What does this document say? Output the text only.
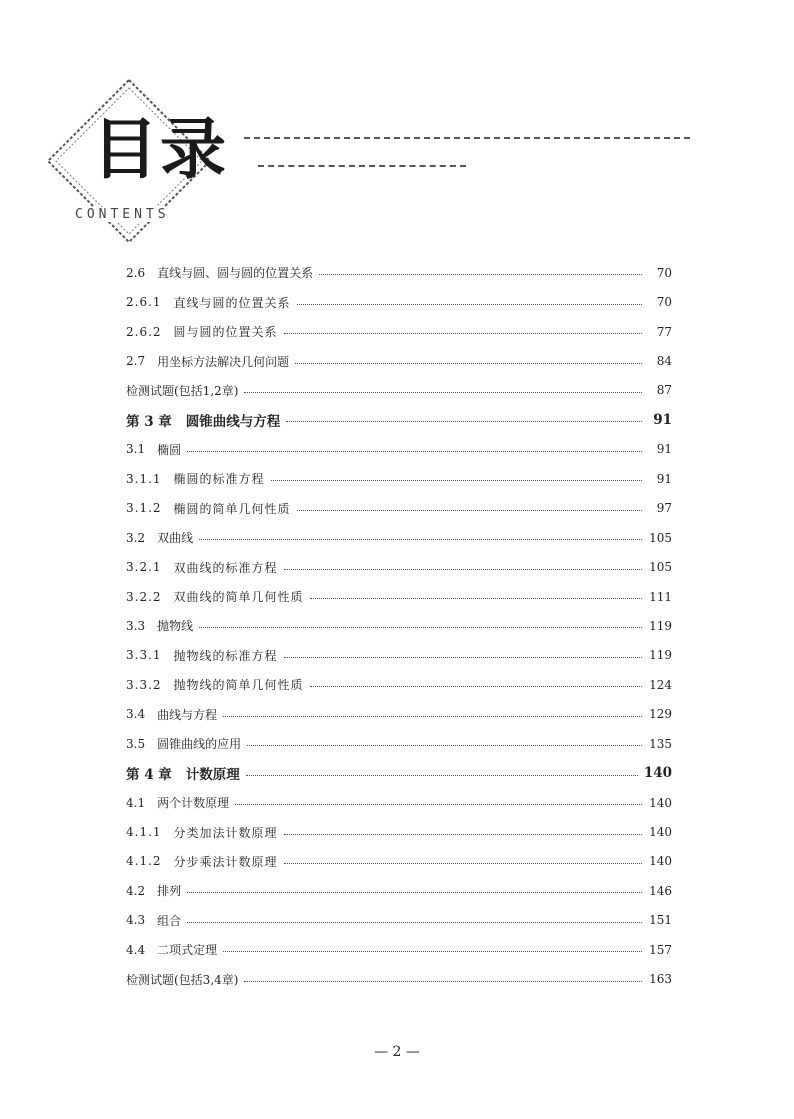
目录
CONTENTS
2.6 直线与圆、圆与圆的位置关系	70
2.6.1 直线与圆的位置关系	70
2.6.2 圆与圆的位置关系	77
2.7 用坐标方法解决几何问题	84
检测试题(包括1,2章)	87
第 3 章 圆锥曲线与方程	91
3.1 椭圆	91
3.1.1 椭圆的标准方程	91
3.1.2 椭圆的简单几何性质	97
3.2 双曲线	105
3.2.1 双曲线的标准方程	105
3.2.2 双曲线的简单几何性质	111
3.3 抛物线	119
3.3.1 抛物线的标准方程	119
3.3.2 抛物线的简单几何性质	124
3.4 曲线与方程	129
3.5 圆锥曲线的应用	135
第 4 章 计数原理	140
4.1 两个计数原理	140
4.1.1 分类加法计数原理	140
4.1.2 分步乘法计数原理	140
4.2 排列	146
4.3 组合	151
4.4 二项式定理	157
检测试题(包括3,4章)	163
— 2 —
